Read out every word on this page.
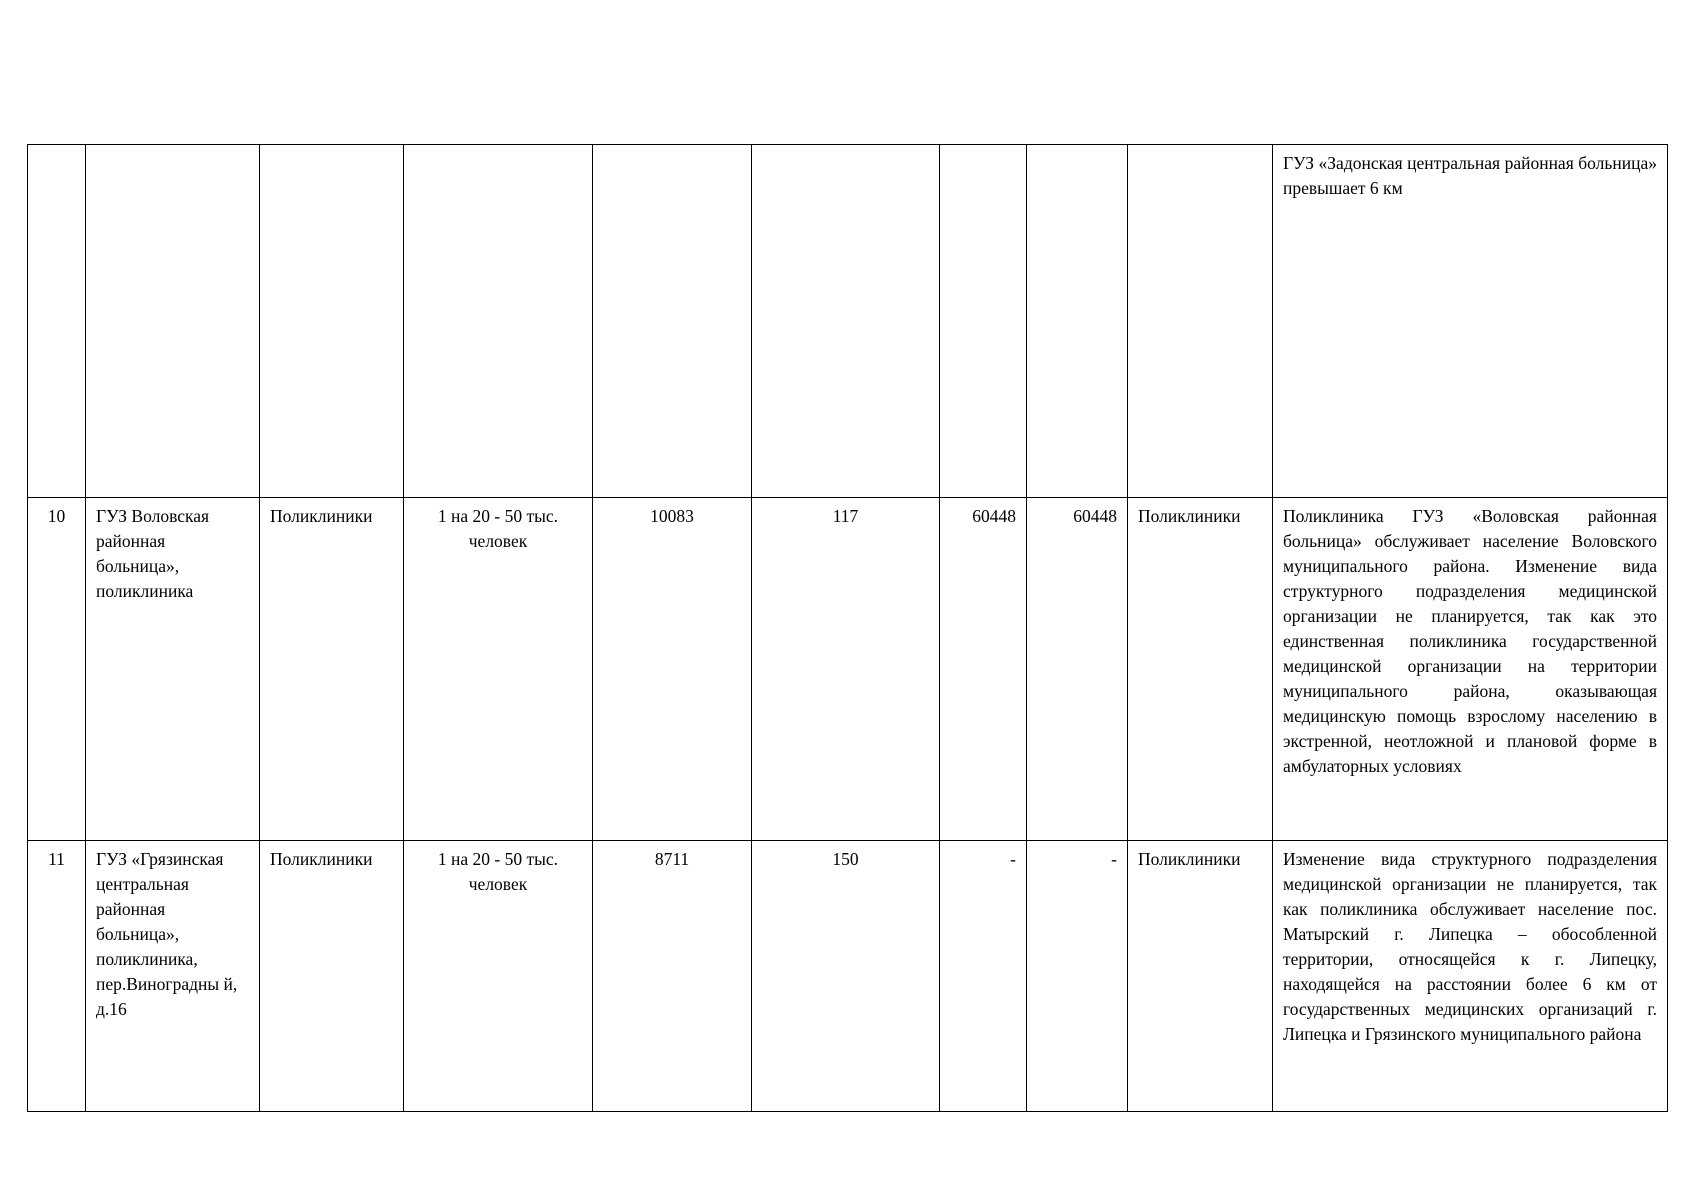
									ГУЗ «Задонская центральная районная больница» превышает 6 км
10	ГУЗ Воловская районная больница», поликлиника	Поликлиники	1 на 20 - 50 тыс. человек	10083	117	60448	60448	Поликлиники	Поликлиника ГУЗ «Воловская районная больница» обслуживает население Воловского муниципального района. Изменение вида структурного подразделения медицинской организации не планируется, так как это единственная поликлиника государственной медицинской организации на территории муниципального района, оказывающая медицинскую помощь взрослому населению в экстренной, неотложной и плановой форме в амбулаторных условиях
11	ГУЗ «Грязинская центральная районная больница», поликлиника, пер.Виноградны й, д.16	Поликлиники	1 на 20 - 50 тыс. человек	8711	150	-	-	Поликлиники	Изменение вида структурного подразделения медицинской организации не планируется, так как поликлиника обслуживает население пос. Матырский г. Липецка – обособленной территории, относящейся к г. Липецку, находящейся на расстоянии более 6 км от государственных медицинских организаций г. Липецка и Грязинского муниципального района
